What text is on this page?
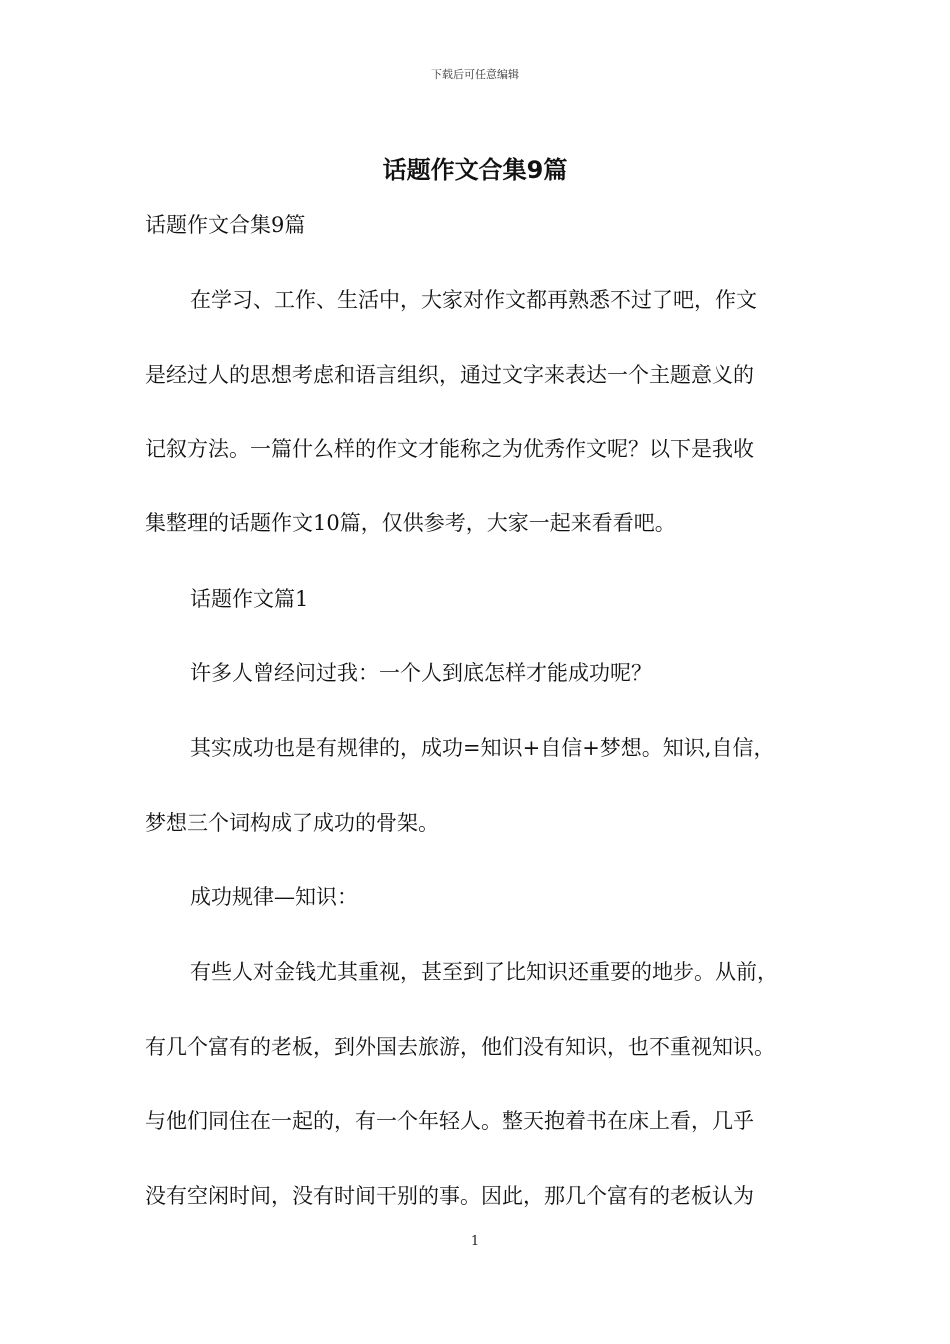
下载后可任意编辑
话题作文合集9篇
话题作文合集9篇
在学习、工作、生活中，大家对作文都再熟悉不过了吧，作文
是经过人的思想考虑和语言组织，通过文字来表达一个主题意义的
记叙方法。一篇什么样的作文才能称之为优秀作文呢？以下是我收
集整理的话题作文10篇，仅供参考，大家一起来看看吧。
话题作文篇1
许多人曾经问过我：一个人到底怎样才能成功呢？
其实成功也是有规律的，成功=知识+自信+梦想。知识,自信，
梦想三个词构成了成功的骨架。
成功规律—知识：
有些人对金钱尤其重视，甚至到了比知识还重要的地步。从前，
有几个富有的老板，到外国去旅游，他们没有知识，也不重视知识。
与他们同住在一起的，有一个年轻人。整天抱着书在床上看，几乎
没有空闲时间，没有时间干别的事。因此，那几个富有的老板认为
1
